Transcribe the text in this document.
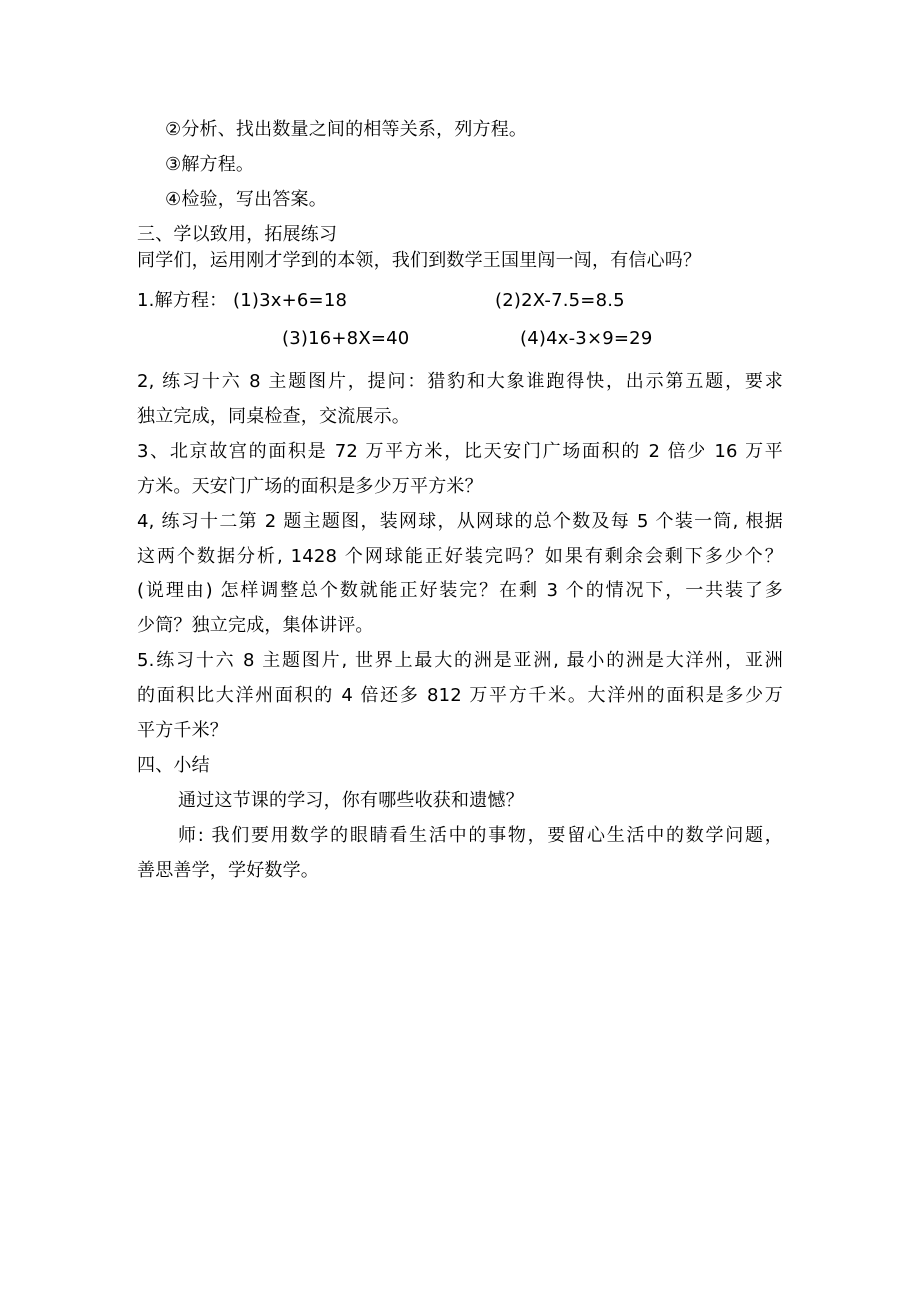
②分析、找出数量之间的相等关系，列方程。
③解方程。
④检验，写出答案。
三、学以致用，拓展练习
同学们，运用刚才学到的本领，我们到数学王国里闯一闯，有信心吗？
1.解方程： (1)3x+6=18	(2)2X-7.5=8.5
(3)16+8X=40	(4)4x-3×9=29
2, 练习十六 8 主题图片，提问：猎豹和大象谁跑得快，出示第五题，要求
独立完成，同桌检查，交流展示。
3、北京故宫的面积是 72 万平方米，比天安门广场面积的 2 倍少 16 万平
方米。天安门广场的面积是多少万平方米？
4, 练习十二第 2 题主题图，装网球，从网球的总个数及每 5 个装一筒, 根据
这两个数据分析, 1428 个网球能正好装完吗？如果有剩余会剩下多少个？
(说理由) 怎样调整总个数就能正好装完？在剩 3 个的情况下，一共装了多
少筒？独立完成，集体讲评。
5.练习十六 8 主题图片, 世界上最大的洲是亚洲, 最小的洲是大洋州，亚洲
的面积比大洋州面积的 4 倍还多 812 万平方千米。大洋州的面积是多少万
平方千米？
四、小结
通过这节课的学习，你有哪些收获和遗憾？
师: 我们要用数学的眼睛看生活中的事物，要留心生活中的数学问题，
善思善学，学好数学。
